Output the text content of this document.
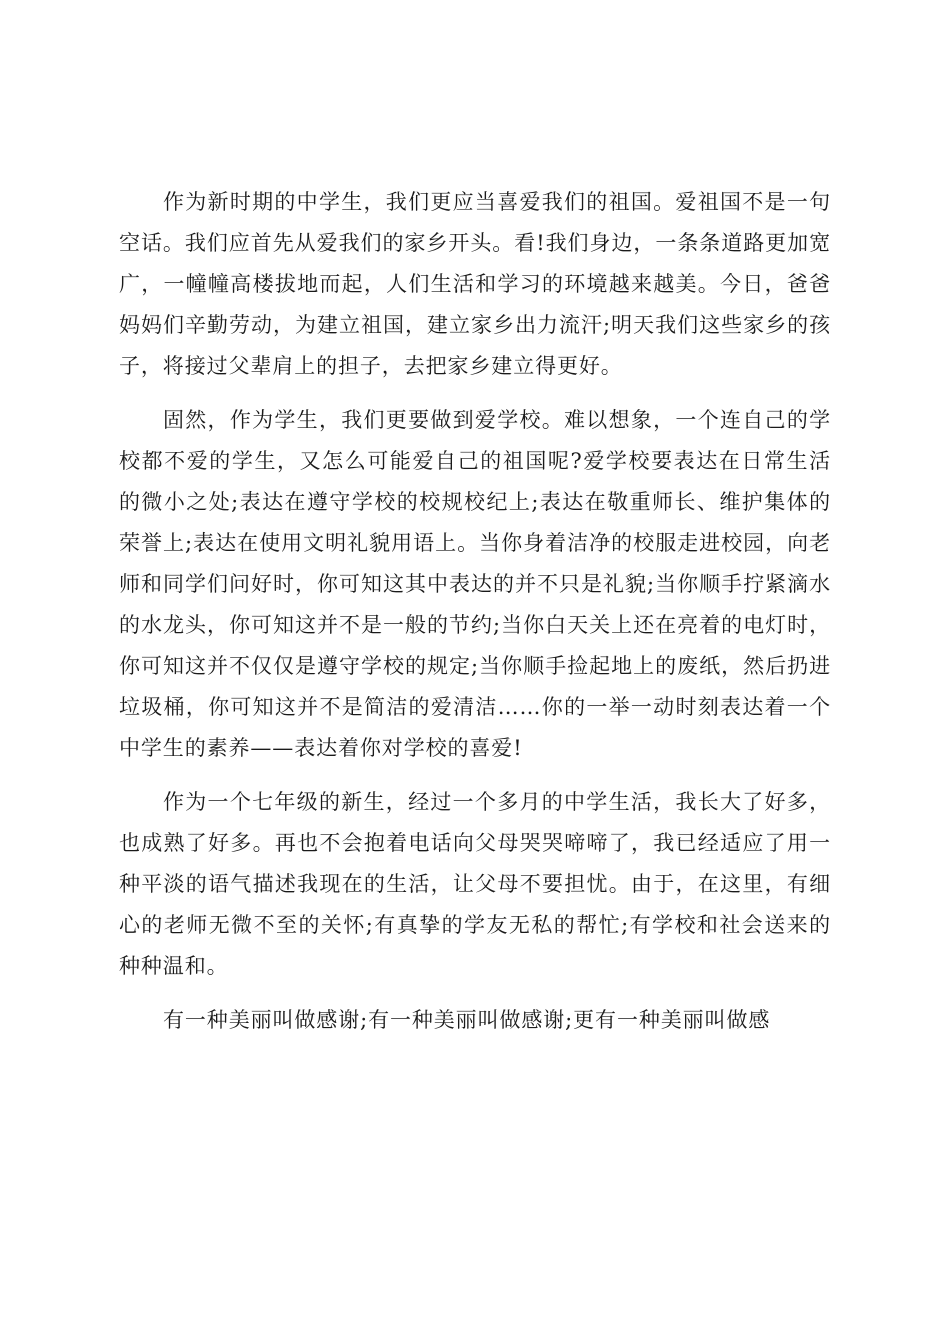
作为新时期的中学生，我们更应当喜爱我们的祖国。爱祖国不是一句空话。我们应首先从爱我们的家乡开头。看!我们身边，一条条道路更加宽广，一幢幢高楼拔地而起，人们生活和学习的环境越来越美。今日，爸爸妈妈们辛勤劳动，为建立祖国，建立家乡出力流汗;明天我们这些家乡的孩子，将接过父辈肩上的担子，去把家乡建立得更好。

固然，作为学生，我们更要做到爱学校。难以想象，一个连自己的学校都不爱的学生，又怎么可能爱自己的祖国呢?爱学校要表达在日常生活的微小之处;表达在遵守学校的校规校纪上;表达在敬重师长、维护集体的荣誉上;表达在使用文明礼貌用语上。当你身着洁净的校服走进校园，向老师和同学们问好时，你可知这其中表达的并不只是礼貌;当你顺手拧紧滴水的水龙头，你可知这并不是一般的节约;当你白天关上还在亮着的电灯时，你可知这并不仅仅是遵守学校的规定;当你顺手捡起地上的废纸，然后扔进垃圾桶，你可知这并不是简洁的爱清洁……你的一举一动时刻表达着一个中学生的素养——表达着你对学校的喜爱!

作为一个七年级的新生，经过一个多月的中学生活，我长大了好多，也成熟了好多。再也不会抱着电话向父母哭哭啼啼了，我已经适应了用一种平淡的语气描述我现在的生活，让父母不要担忧。由于，在这里，有细心的老师无微不至的关怀;有真挚的学友无私的帮忙;有学校和社会送来的种种温和。

有一种美丽叫做感谢;有一种美丽叫做感谢;更有一种美丽叫做感
